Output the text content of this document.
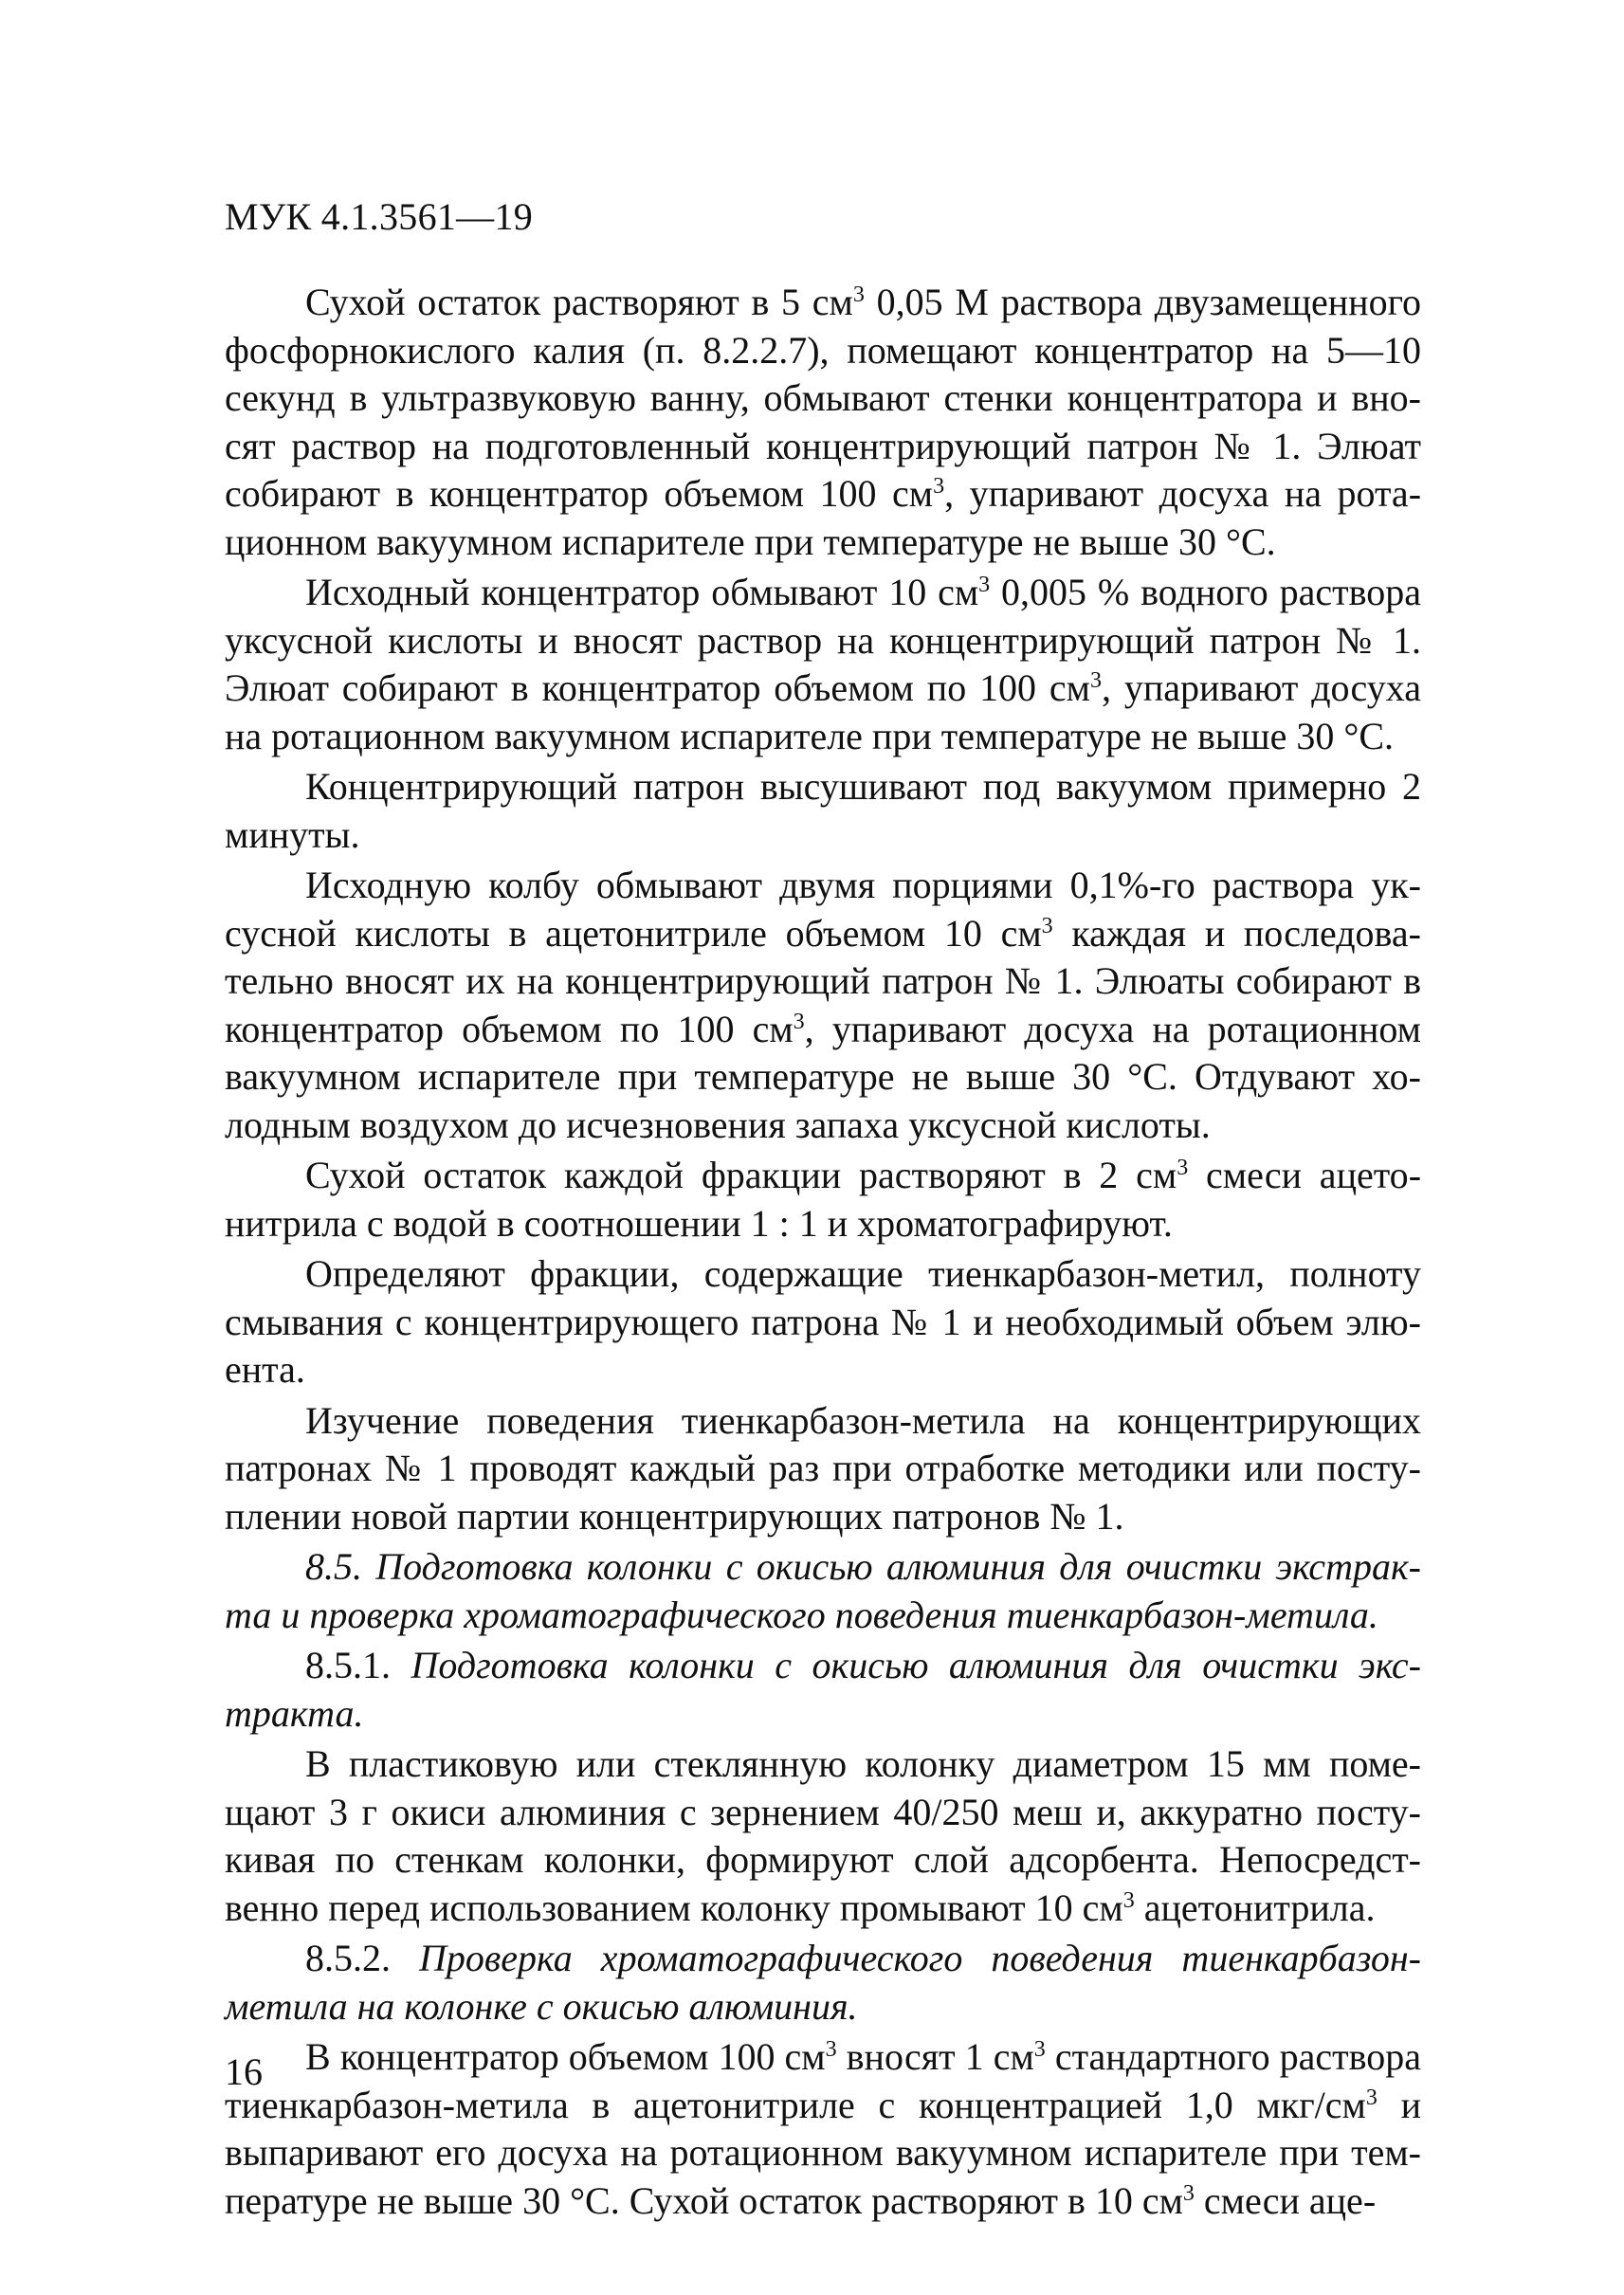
МУК 4.1.3561—19

Сухой остаток растворяют в 5 $см^3$ 0,05 М раствора двузамещенного фосфорнокислого калия (п. 8.2.2.7), помещают концентратор на 5—10 секунд в ультразвуковую ванну, обмывают стенки концентратора и вносят раствор на подготовленный концентрирующий патрон № 1. Элюат собирают в концентратор объемом 100 $см^3$, упаривают досуха на ротационном вакуумном испарителе при температуре не выше 30 °С.

Исходный концентратор обмывают 10 $см^3$ 0,005 % водного раствора уксусной кислоты и вносят раствор на концентрирующий патрон № 1. Элюат собирают в концентратор объемом по 100 $см^3$, упаривают досуха на ротационном вакуумном испарителе при температуре не выше 30 °С.

Концентрирующий патрон высушивают под вакуумом примерно 2 минуты.

Исходную колбу обмывают двумя порциями 0,1%-го раствора уксусной кислоты в ацетонитриле объемом 10 $см^3$ каждая и последовательно вносят их на концентрирующий патрон № 1. Элюаты собирают в концентратор объемом по 100 $см^3$, упаривают досуха на ротационном вакуумном испарителе при температуре не выше 30 °С. Отдувают холодным воздухом до исчезновения запаха уксусной кислоты.

Сухой остаток каждой фракции растворяют в 2 $см^3$ смеси ацетонитрила с водой в соотношении 1 : 1 и хроматографируют.

Определяют фракции, содержащие тиенкарбазон-метил, полноту смывания с концентрирующего патрона № 1 и необходимый объем элюента.

Изучение поведения тиенкарбазон-метила на концентрирующих патронах № 1 проводят каждый раз при отработке методики или поступлении новой партии концентрирующих патронов № 1.

8.5. Подготовка колонки с окисью алюминия для очистки экстракта и проверка хроматографического поведения тиенкарбазон-метила.

8.5.1. Подготовка колонки с окисью алюминия для очистки экстракта.

В пластиковую или стеклянную колонку диаметром 15 мм помещают 3 г окиси алюминия с зернением 40/250 меш и, аккуратно постукивая по стенкам колонки, формируют слой адсорбента. Непосредственно перед использованием колонку промывают 10 $см^3$ ацетонитрила.

8.5.2. Проверка хроматографического поведения тиенкарбазон-метила на колонке с окисью алюминия.

В концентратор объемом 100 $см^3$ вносят 1 $см^3$ стандартного раствора тиенкарбазон-метила в ацетонитриле с концентрацией 1,0 мкг/$см^3$ и выпаривают его досуха на ротационном вакуумном испарителе при температуре не выше 30 °С. Сухой остаток растворяют в 10 $см^3$ смеси аце-

16
